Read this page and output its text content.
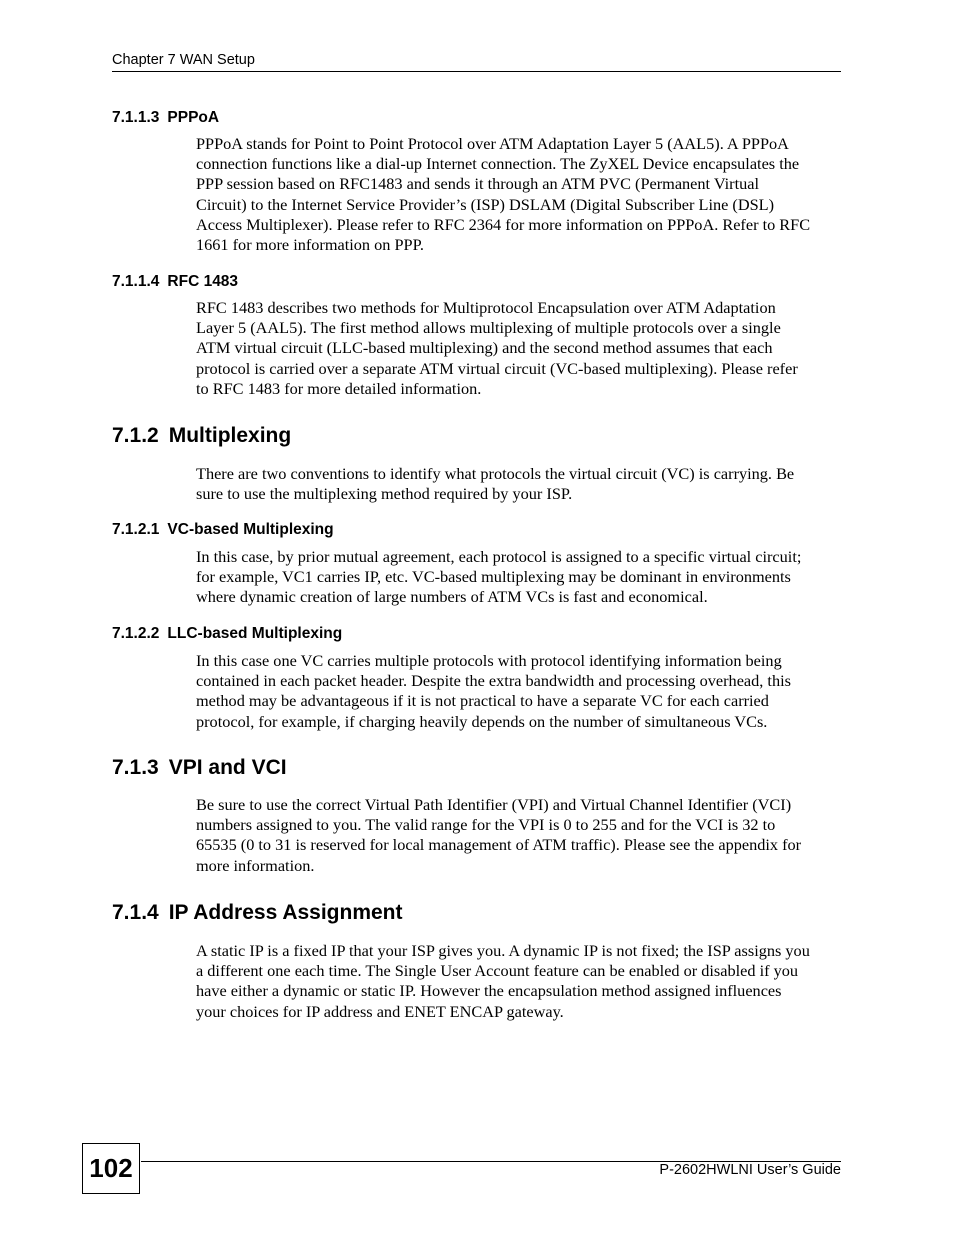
Chapter 7 WAN Setup
7.1.1.3 PPPoA
PPPoA stands for Point to Point Protocol over ATM Adaptation Layer 5 (AAL5). A PPPoA
connection functions like a dial-up Internet connection. The ZyXEL Device encapsulates the
PPP session based on RFC1483 and sends it through an ATM PVC (Permanent Virtual
Circuit) to the Internet Service Provider’s (ISP) DSLAM (Digital Subscriber Line (DSL)
Access Multiplexer). Please refer to RFC 2364 for more information on PPPoA. Refer to RFC
1661 for more information on PPP.
7.1.1.4 RFC 1483
RFC 1483 describes two methods for Multiprotocol Encapsulation over ATM Adaptation
Layer 5 (AAL5). The first method allows multiplexing of multiple protocols over a single
ATM virtual circuit (LLC-based multiplexing) and the second method assumes that each
protocol is carried over a separate ATM virtual circuit (VC-based multiplexing). Please refer
to RFC 1483 for more detailed information.
7.1.2 Multiplexing
There are two conventions to identify what protocols the virtual circuit (VC) is carrying. Be
sure to use the multiplexing method required by your ISP.
7.1.2.1 VC-based Multiplexing
In this case, by prior mutual agreement, each protocol is assigned to a specific virtual circuit;
for example, VC1 carries IP, etc. VC-based multiplexing may be dominant in environments
where dynamic creation of large numbers of ATM VCs is fast and economical.
7.1.2.2 LLC-based Multiplexing
In this case one VC carries multiple protocols with protocol identifying information being
contained in each packet header. Despite the extra bandwidth and processing overhead, this
method may be advantageous if it is not practical to have a separate VC for each carried
protocol, for example, if charging heavily depends on the number of simultaneous VCs.
7.1.3 VPI and VCI
Be sure to use the correct Virtual Path Identifier (VPI) and Virtual Channel Identifier (VCI)
numbers assigned to you. The valid range for the VPI is 0 to 255 and for the VCI is 32 to
65535 (0 to 31 is reserved for local management of ATM traffic). Please see the appendix for
more information.
7.1.4 IP Address Assignment
A static IP is a fixed IP that your ISP gives you. A dynamic IP is not fixed; the ISP assigns you
a different one each time. The Single User Account feature can be enabled or disabled if you
have either a dynamic or static IP. However the encapsulation method assigned influences
your choices for IP address and ENET ENCAP gateway.
102	P-2602HWLNI User’s Guide
